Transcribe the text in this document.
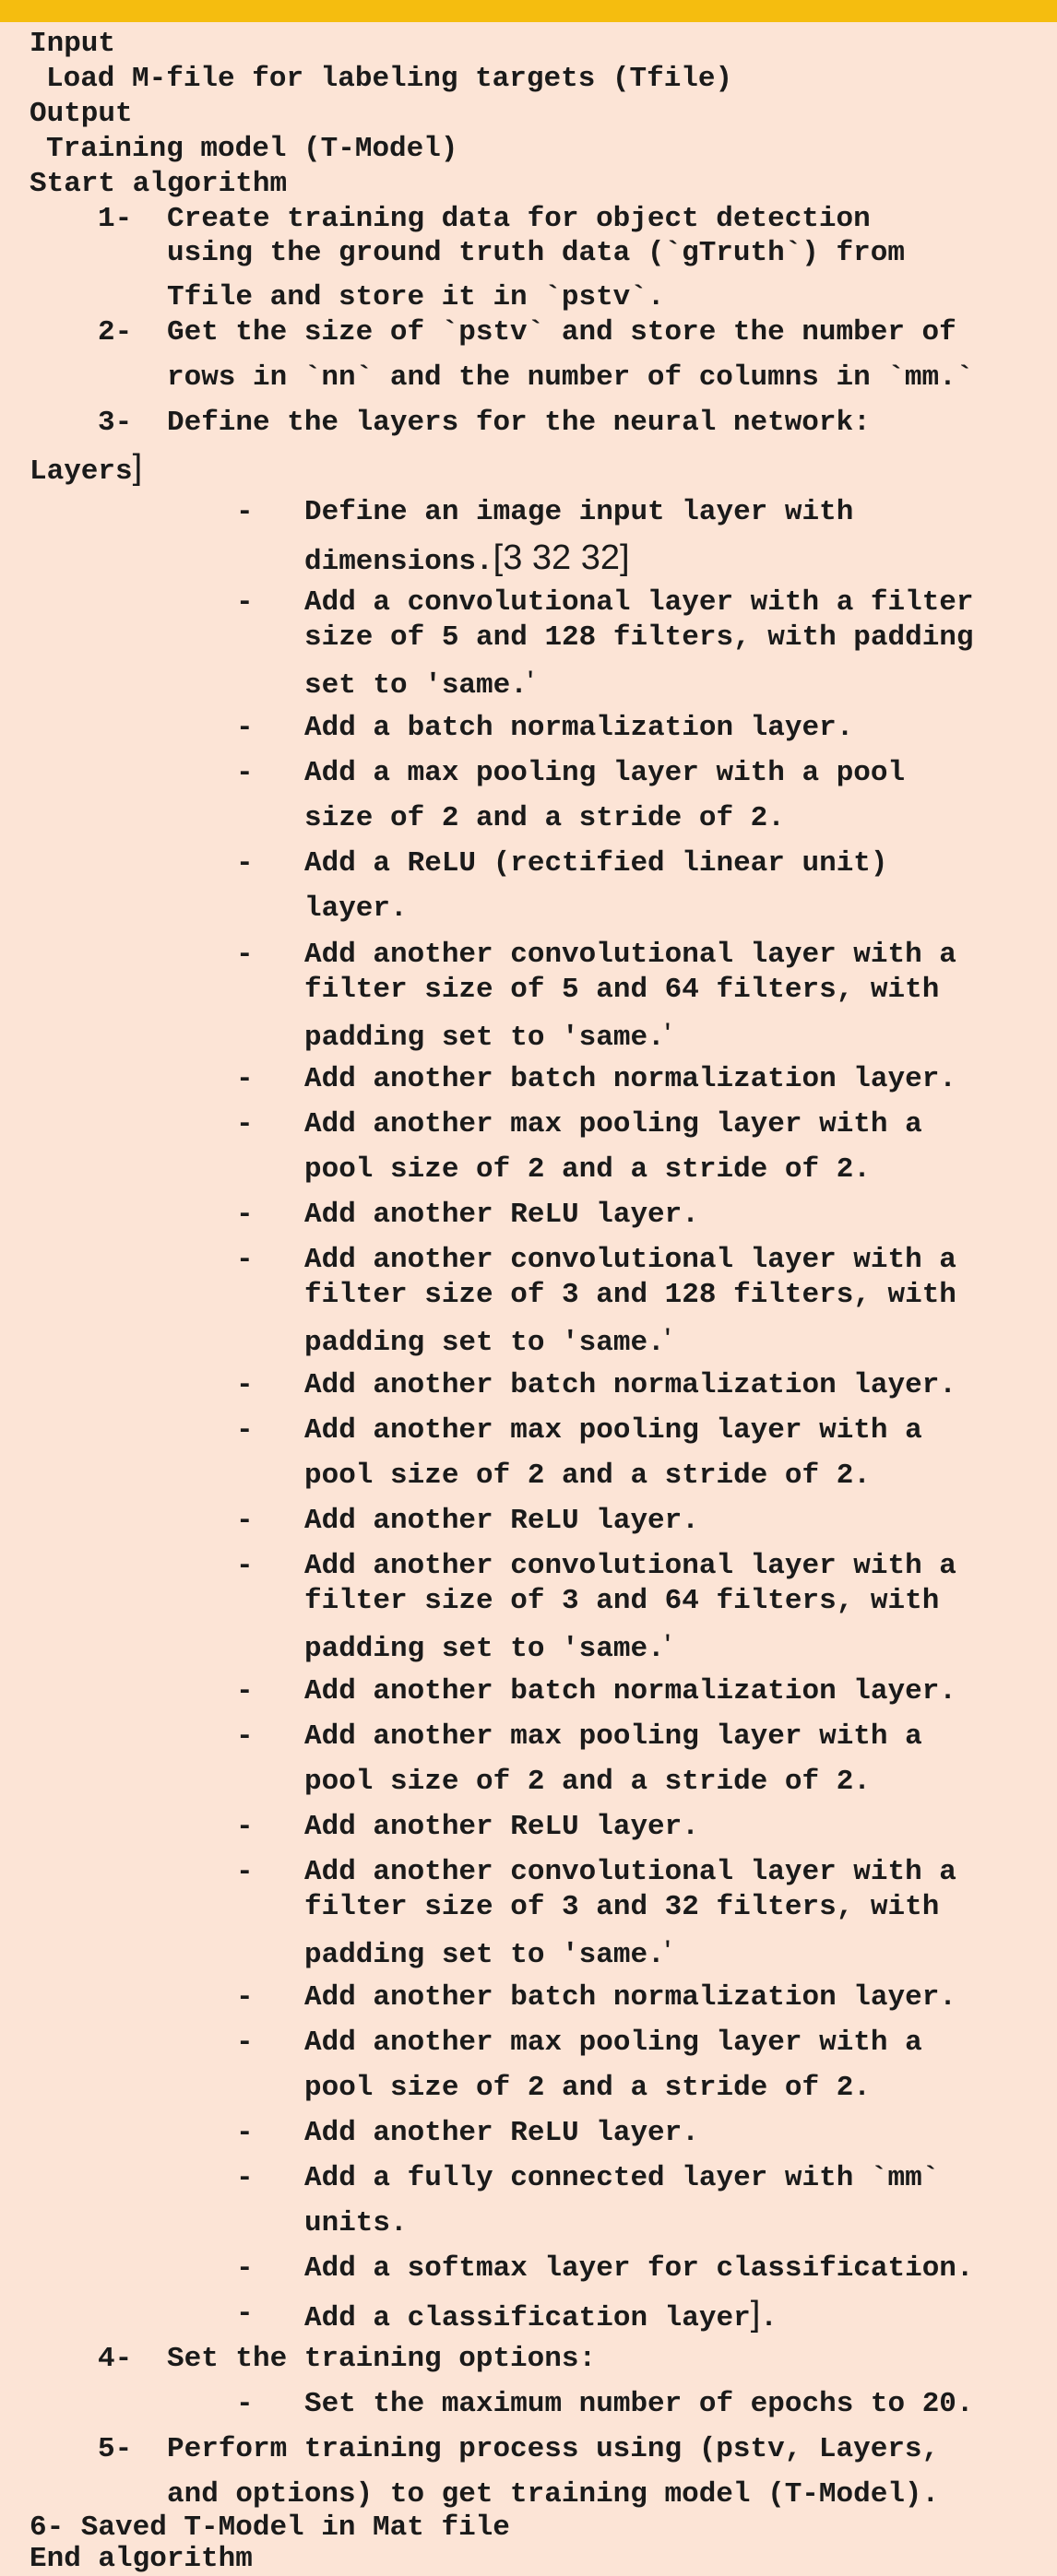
Input
Load M-file for labeling targets (Tfile)
Output
Training model (T-Model)
Start algorithm
1- Create training data for object detection
using the ground truth data (`gTruth`) from
Tfile and store it in `pstv`.
2- Get the size of `pstv` and store the number of
rows in `nn` and the number of columns in `mm.`
3- Define the layers for the neural network:
Layers]
- Define an image input layer with
dimensions.[3 32 32]
- Add a convolutional layer with a filter
size of 5 and 128 filters, with padding
set to 'same.'
- Add a batch normalization layer.
- Add a max pooling layer with a pool
size of 2 and a stride of 2.
- Add a ReLU (rectified linear unit)
layer.
- Add another convolutional layer with a
filter size of 5 and 64 filters, with
padding set to 'same.'
- Add another batch normalization layer.
- Add another max pooling layer with a
pool size of 2 and a stride of 2.
- Add another ReLU layer.
- Add another convolutional layer with a
filter size of 3 and 128 filters, with
padding set to 'same.'
- Add another batch normalization layer.
- Add another max pooling layer with a
pool size of 2 and a stride of 2.
- Add another ReLU layer.
- Add another convolutional layer with a
filter size of 3 and 64 filters, with
padding set to 'same.'
- Add another batch normalization layer.
- Add another max pooling layer with a
pool size of 2 and a stride of 2.
- Add another ReLU layer.
- Add another convolutional layer with a
filter size of 3 and 32 filters, with
padding set to 'same.'
- Add another batch normalization layer.
- Add another max pooling layer with a
pool size of 2 and a stride of 2.
- Add another ReLU layer.
- Add a fully connected layer with `mm`
units.
- Add a softmax layer for classification.
- Add a classification layer].
4- Set the training options:
- Set the maximum number of epochs to 20.
5- Perform training process using (pstv, Layers,
and options) to get training model (T-Model).
6- Saved T-Model in Mat file
End algorithm
